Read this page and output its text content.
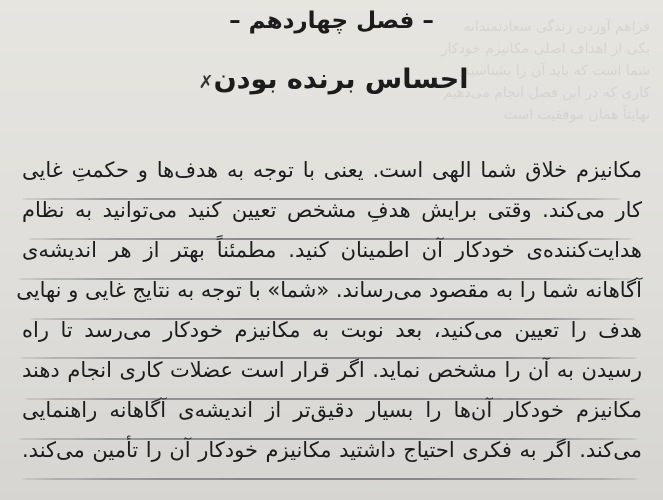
فراهم آوردن زندگی سعادتمندانه
یکی از اهداف اصلی مکانیزم خودکار
شما است که باید آن را بشناسید
کاری که در این فصل انجام می‌دهیم
نهایتاً همان موفقیت است
– فصل چهاردهم –
احساس برنده بودن✗
مکانیزم خلاق شما الهی است. یعنی با توجه به هدف‌ها و حکمتِ غایی
کار می‌کند. وقتی برایش هدفِ مشخص تعیین کنید می‌توانید به نظام
هدایت‌کننده‌ی خودکار آن اطمینان کنید. مطمئناً بهتر از هر اندیشه‌ی
آگاهانه شما را به مقصود می‌رساند. «شما» با توجه به نتایج غایی و نهایی
هدف را تعیین می‌کنید، بعد نوبت به مکانیزم خودکار می‌رسد تا راه
رسیدن به آن را مشخص نماید. اگر قرار است عضلات کاری انجام دهند
مکانیزم خودکار آن‌ها را بسیار دقیق‌تر از اندیشه‌ی آگاهانه راهنمایی
می‌کند. اگر به فکری احتیاج داشتید مکانیزم خودکار آن را تأمین می‌کند.
